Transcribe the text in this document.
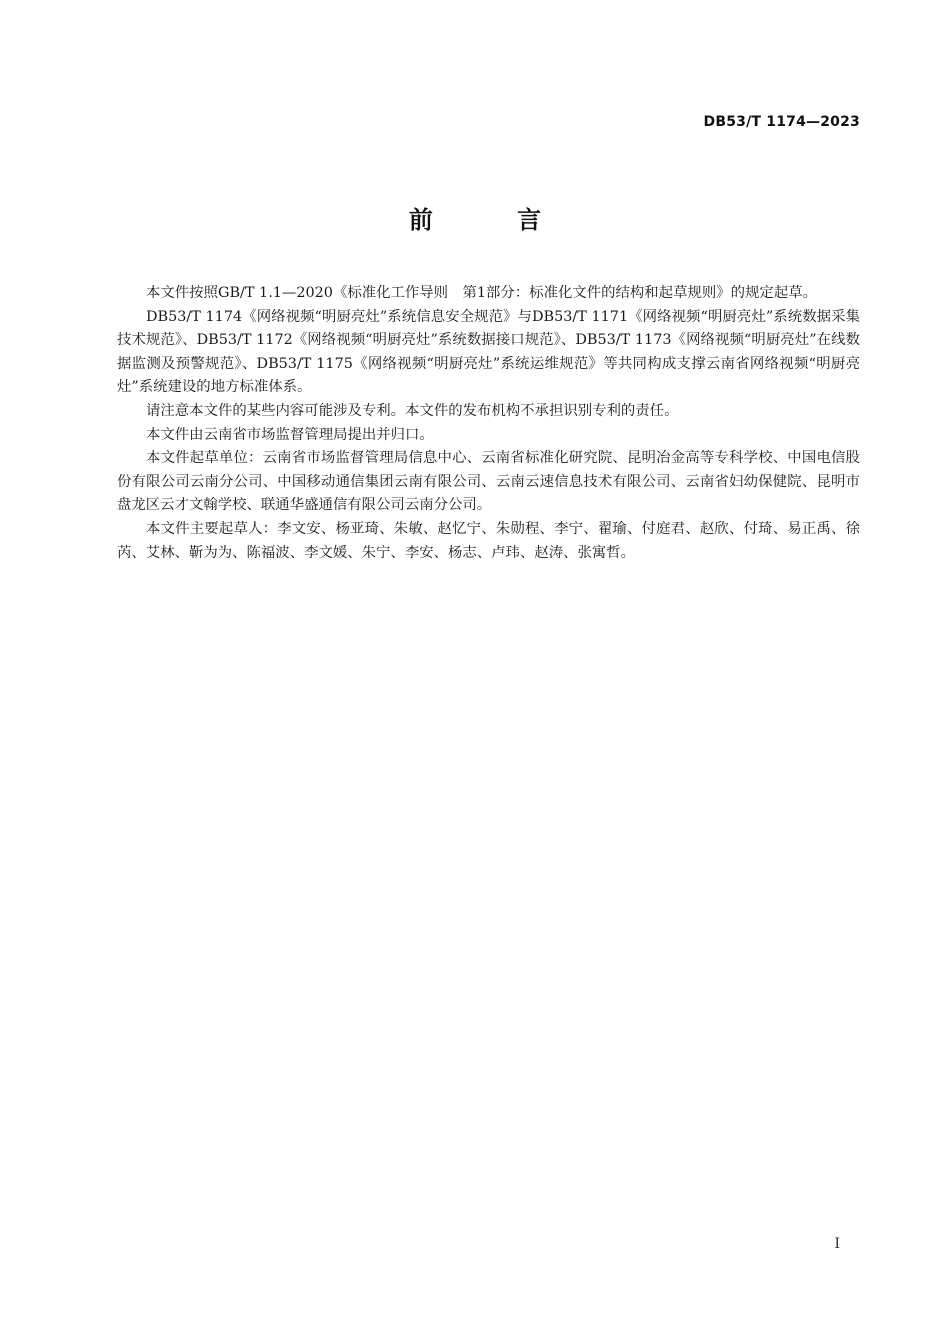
DB53/T 1174—2023
前 言

本文件按照GB/T 1.1—2020《标准化工作导则　第1部分：标准化文件的结构和起草规则》的规定起草。

DB53/T 1174《网络视频“明厨亮灶”系统信息安全规范》与DB53/T 1171《网络视频“明厨亮灶”系统数据采集技术规范》、DB53/T 1172《网络视频“明厨亮灶”系统数据接口规范》、DB53/T 1173《网络视频“明厨亮灶”在线数据监测及预警规范》、DB53/T 1175《网络视频“明厨亮灶”系统运维规范》等共同构成支撑云南省网络视频“明厨亮灶”系统建设的地方标准体系。

请注意本文件的某些内容可能涉及专利。本文件的发布机构不承担识别专利的责任。

本文件由云南省市场监督管理局提出并归口。

本文件起草单位：云南省市场监督管理局信息中心、云南省标准化研究院、昆明冶金高等专科学校、中国电信股份有限公司云南分公司、中国移动通信集团云南有限公司、云南云速信息技术有限公司、云南省妇幼保健院、昆明市盘龙区云才文翰学校、联通华盛通信有限公司云南分公司。

本文件主要起草人：李文安、杨亚琦、朱敏、赵忆宁、朱勋程、李宁、翟瑜、付庭君、赵欣、付琦、易正禹、徐芮、艾林、靳为为、陈福波、李文媛、朱宁、李安、杨志、卢玮、赵涛、张寓哲。

I
